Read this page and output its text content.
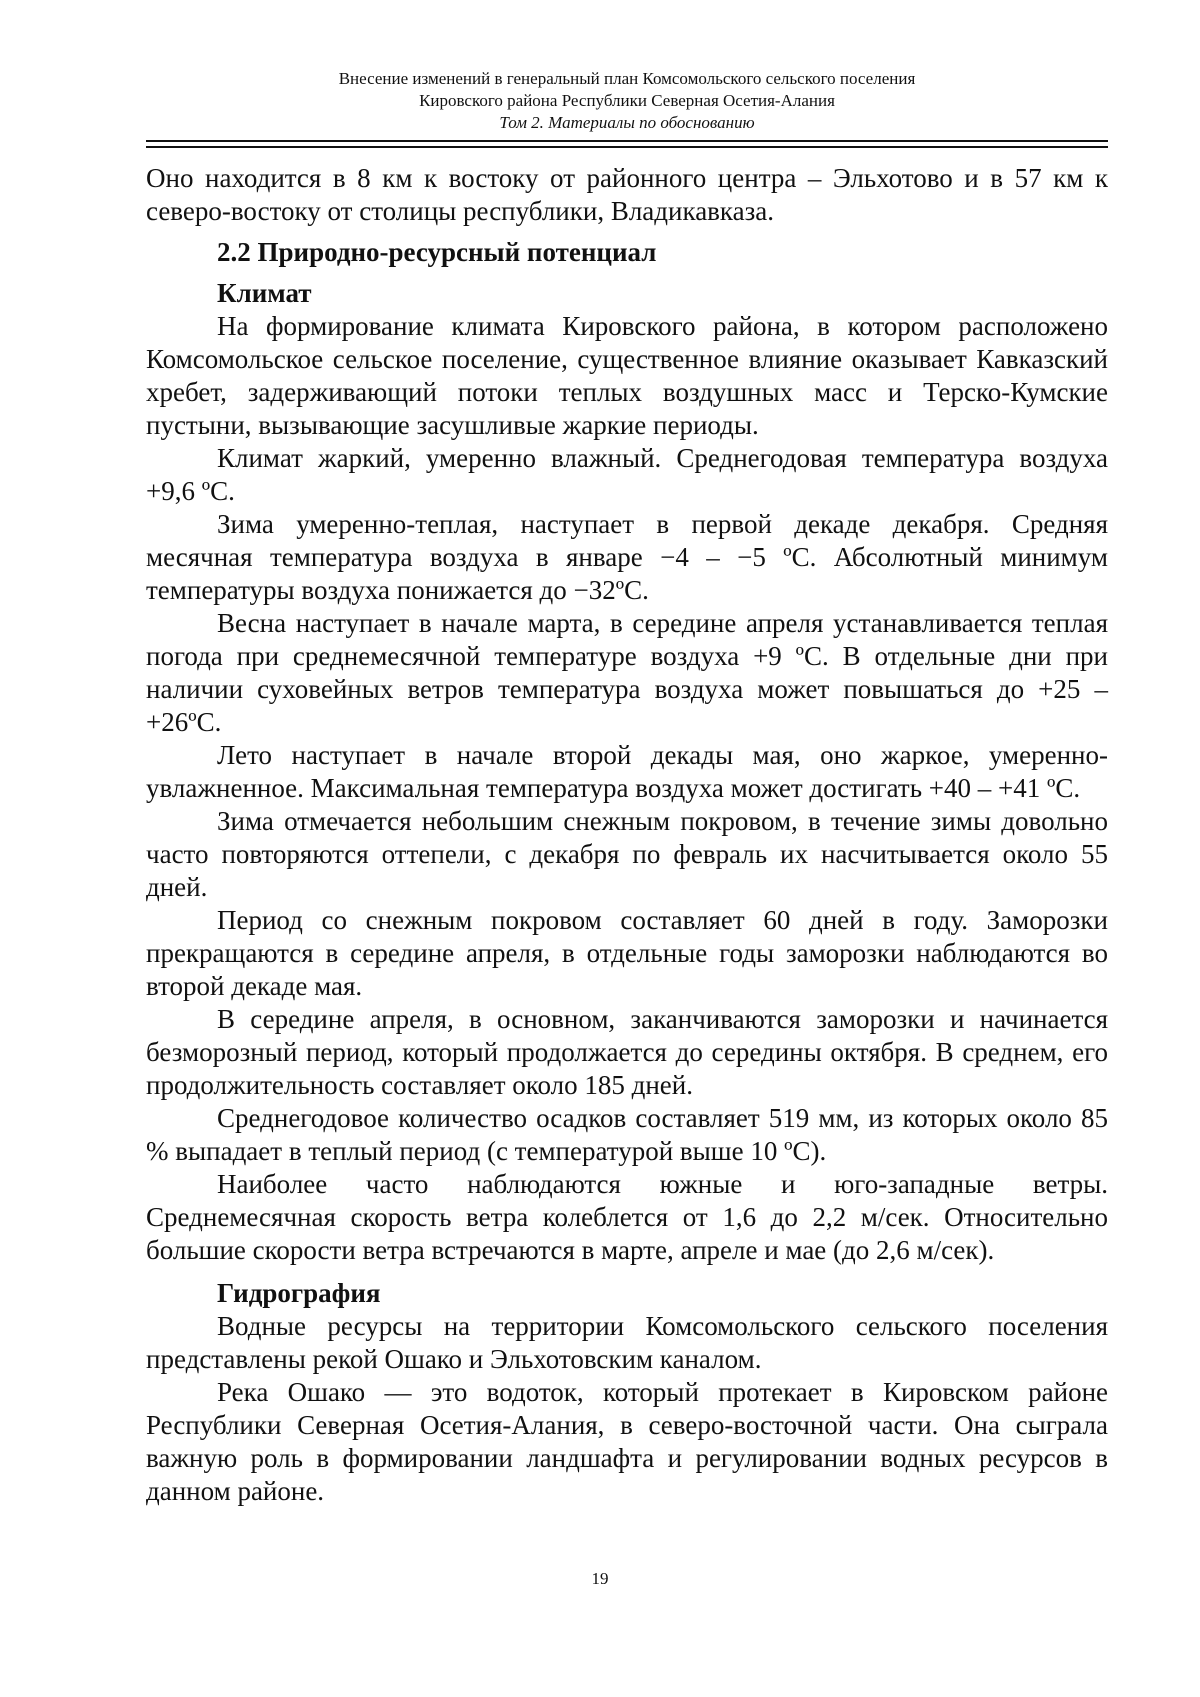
Внесение изменений в генеральный план Комсомольского сельского поселения
Кировского района Республики Северная Осетия-Алания
Том 2. Материалы по обоснованию

Оно находится в 8 км к востоку от районного центра – Эльхотово и в 57 км к северо-востоку от столицы республики, Владикавказа.

2.2 Природно-ресурсный потенциал

Климат

На формирование климата Кировского района, в котором расположено Комсомольское сельское поселение, существенное влияние оказывает Кавказский хребет, задерживающий потоки теплых воздушных масс и Терско-Кумские пустыни, вызывающие засушливые жаркие периоды.

Климат жаркий, умеренно влажный. Среднегодовая температура воздуха +9,6 ºС.

Зима умеренно-теплая, наступает в первой декаде декабря. Средняя месячная температура воздуха в январе −4 – −5 ºС. Абсолютный минимум температуры воздуха понижается до −32ºС.

Весна наступает в начале марта, в середине апреля устанавливается теплая погода при среднемесячной температуре воздуха +9 ºС. В отдельные дни при наличии суховейных ветров температура воздуха может повышаться до +25 – +26ºС.

Лето наступает в начале второй декады мая, оно жаркое, умеренно-увлажненное. Максимальная температура воздуха может достигать +40 – +41 ºС.

Зима отмечается небольшим снежным покровом, в течение зимы довольно часто повторяются оттепели, с декабря по февраль их насчитывается около 55 дней.

Период со снежным покровом составляет 60 дней в году. Заморозки прекращаются в середине апреля, в отдельные годы заморозки наблюдаются во второй декаде мая.

В середине апреля, в основном, заканчиваются заморозки и начинается безморозный период, который продолжается до середины октября. В среднем, его продолжительность составляет около 185 дней.

Среднегодовое количество осадков составляет 519 мм, из которых около 85 % выпадает в теплый период (с температурой выше 10 ºС).

Наиболее часто наблюдаются южные и юго-западные ветры. Среднемесячная скорость ветра колеблется от 1,6 до 2,2 м/сек. Относительно большие скорости ветра встречаются в марте, апреле и мае (до 2,6 м/сек).

Гидрография

Водные ресурсы на территории Комсомольского сельского поселения представлены рекой Ошако и Эльхотовским каналом.

Река Ошако — это водоток, который протекает в Кировском районе Республики Северная Осетия-Алания, в северо-восточной части. Она сыграла важную роль в формировании ландшафта и регулировании водных ресурсов в данном районе.

19
